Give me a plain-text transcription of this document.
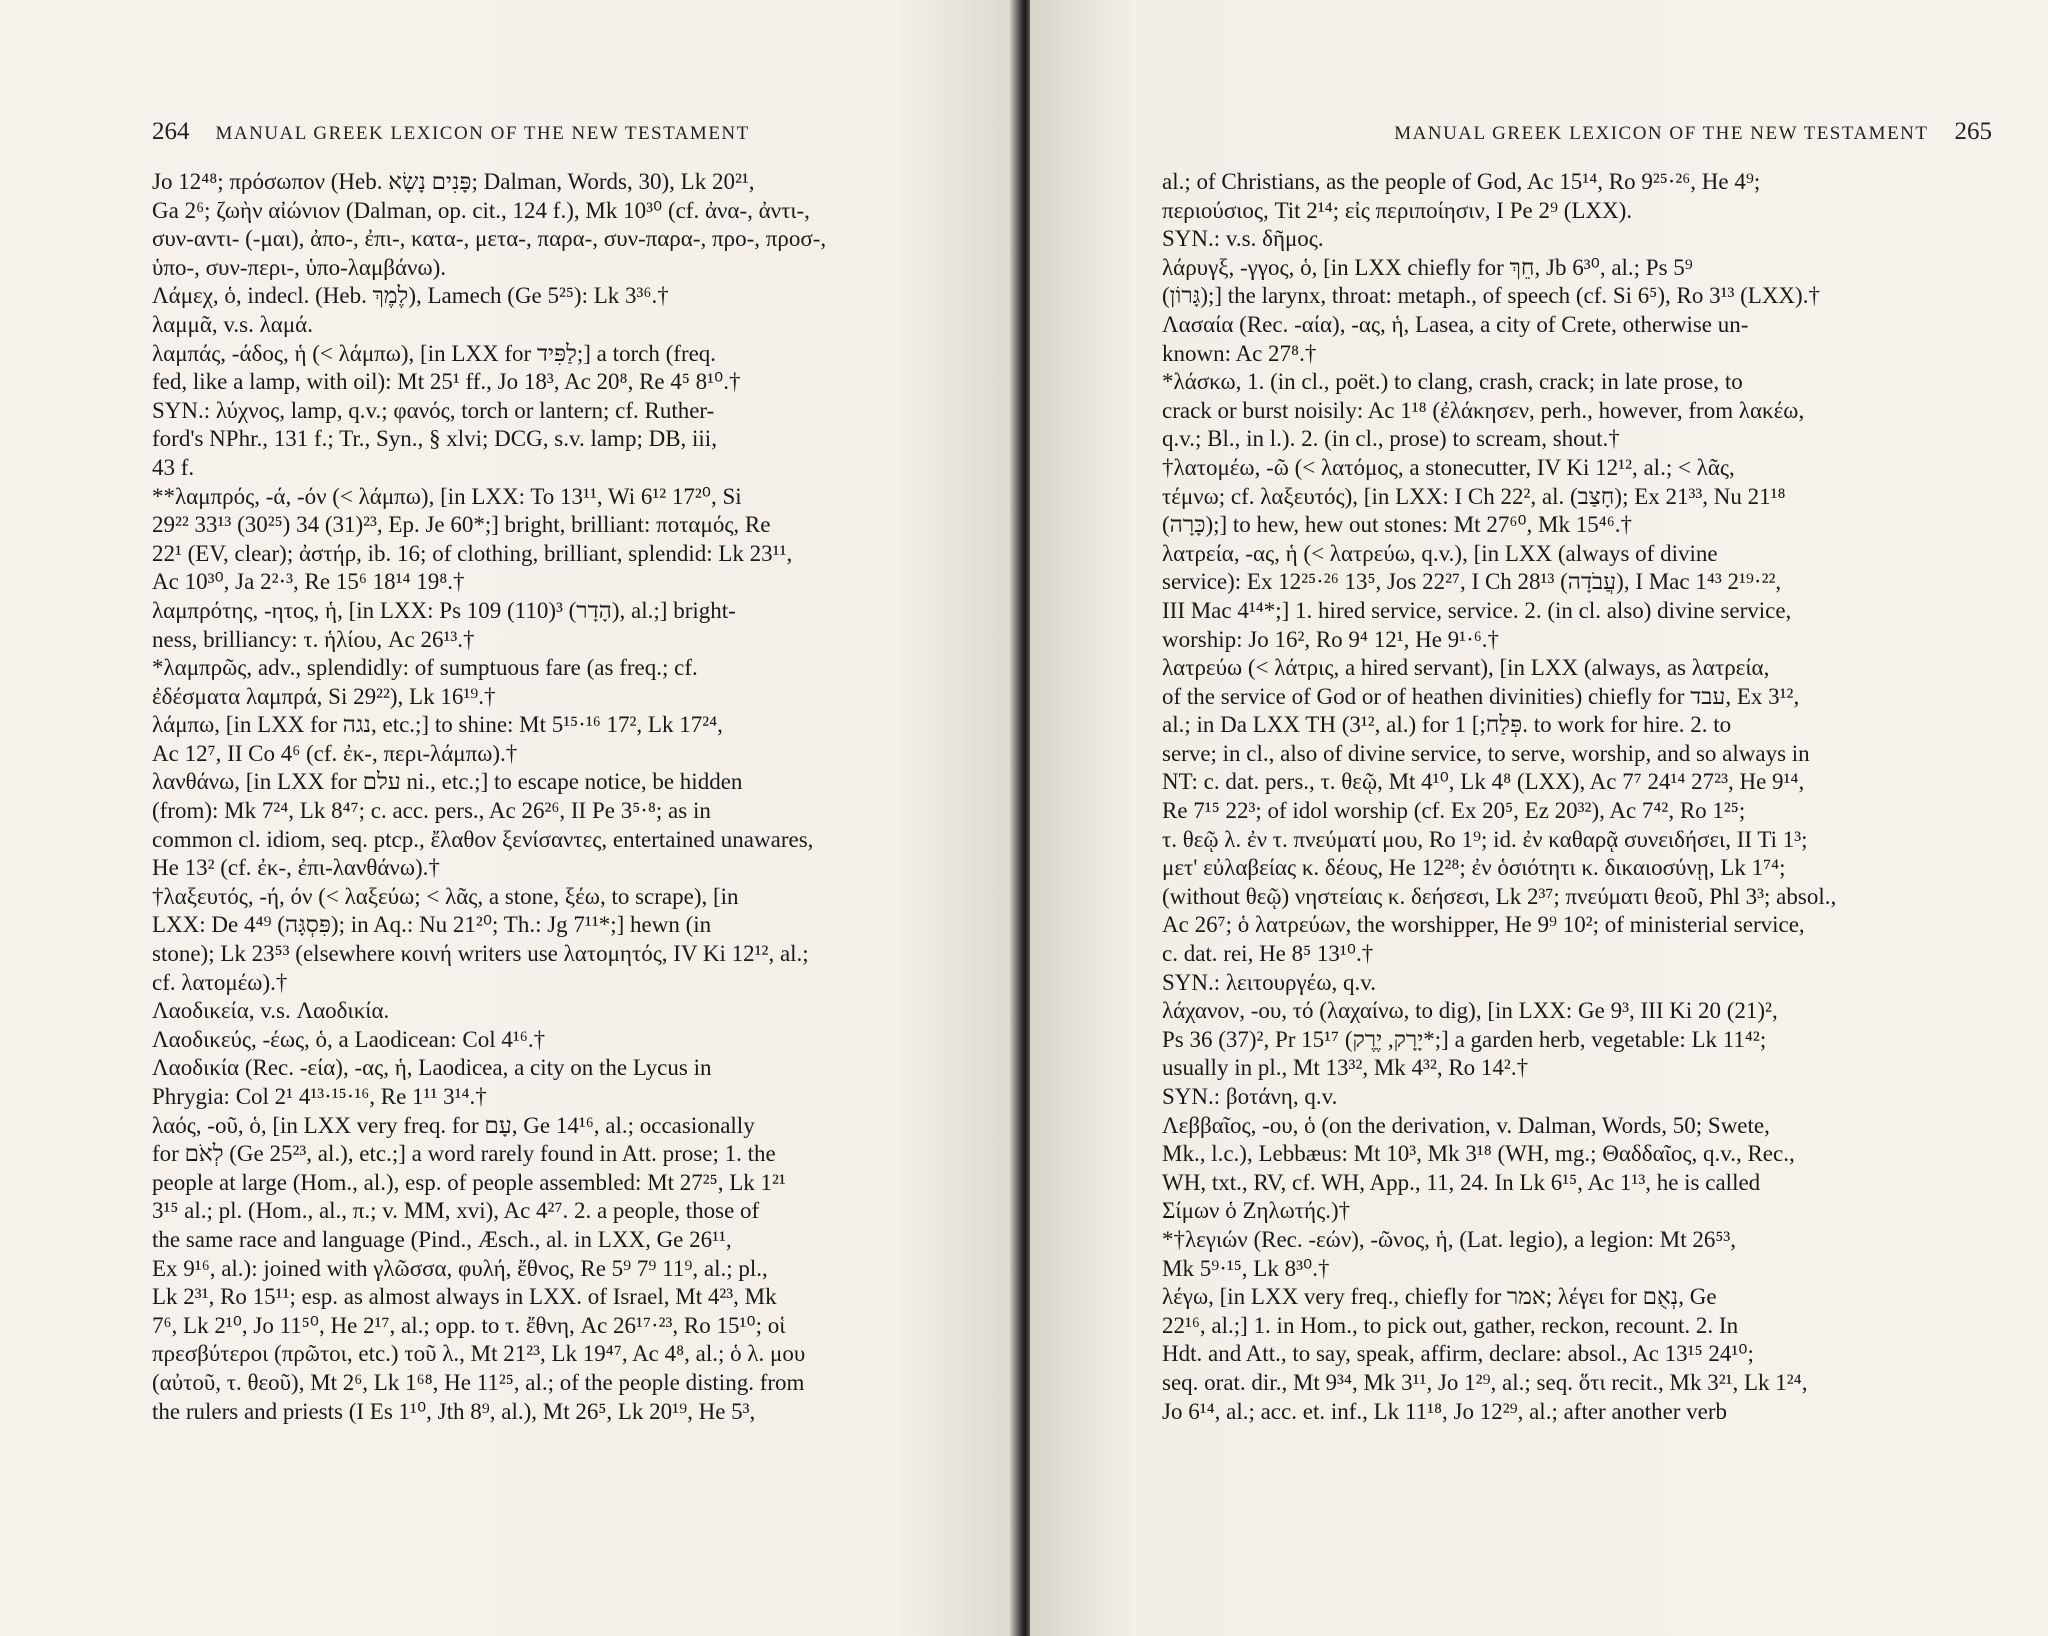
264 MANUAL GREEK LEXICON OF THE NEW TESTAMENT
Jo 12⁴⁸; πρόσωπον (Heb. פָּנִים נָשָׂא; Dalman, Words, 30), Lk 20²¹,
Ga 2⁶; ζωὴν αἰώνιον (Dalman, op. cit., 124 f.), Mk 10³⁰ (cf. ἀνα-, ἀντι-,
συν-αντι- (-μαι), ἀπο-, ἐπι-, κατα-, μετα-, παρα-, συν-παρα-, προ-, προσ-,
ὑπο-, συν-περι-, ὑπο-λαμβάνω).
Λάμεχ, ὁ, indecl. (Heb. לֶמֶךְ), Lamech (Ge 5²⁵): Lk 3³⁶.†
λαμμᾶ, v.s. λαμά.
λαμπάς, -άδος, ἡ (< λάμπω), [in LXX for לַפִּיד;] a torch (freq.
fed, like a lamp, with oil): Mt 25¹ ff., Jo 18³, Ac 20⁸, Re 4⁵ 8¹⁰.†
SYN.: λύχνος, lamp, q.v.; φανός, torch or lantern; cf. Ruther-
ford's NPhr., 131 f.; Tr., Syn., § xlvi; DCG, s.v. lamp; DB, iii,
43 f.
**λαμπρός, -ά, -όν (< λάμπω), [in LXX: To 13¹¹, Wi 6¹² 17²⁰, Si
29²² 33¹³ (30²⁵) 34 (31)²³, Ep. Je 60*;] bright, brilliant: ποταμός, Re
22¹ (EV, clear); ἀστήρ, ib. 16; of clothing, brilliant, splendid: Lk 23¹¹,
Ac 10³⁰, Ja 2²·³, Re 15⁶ 18¹⁴ 19⁸.†
λαμπρότης, -ητος, ἡ, [in LXX: Ps 109 (110)³ (הָדָר), al.;] bright-
ness, brilliancy: τ. ἡλίου, Ac 26¹³.†
*λαμπρῶς, adv., splendidly: of sumptuous fare (as freq.; cf.
ἐδέσματα λαμπρά, Si 29²²), Lk 16¹⁹.†
λάμπω, [in LXX for נגה, etc.;] to shine: Mt 5¹⁵·¹⁶ 17², Lk 17²⁴,
Ac 12⁷, II Co 4⁶ (cf. ἐκ-, περι-λάμπω).†
λανθάνω, [in LXX for עלם ni., etc.;] to escape notice, be hidden
(from): Mk 7²⁴, Lk 8⁴⁷; c. acc. pers., Ac 26²⁶, II Pe 3⁵·⁸; as in
common cl. idiom, seq. ptcp., ἔλαθον ξενίσαντες, entertained unawares,
He 13² (cf. ἐκ-, ἐπι-λανθάνω).†
†λαξευτός, -ή, όν (< λαξεύω; < λᾶς, a stone, ξέω, to scrape), [in
LXX: De 4⁴⁹ (פִּסְגָּה); in Aq.: Nu 21²⁰; Th.: Jg 7¹¹*;] hewn (in
stone); Lk 23⁵³ (elsewhere κοινή writers use λατομητός, IV Ki 12¹², al.;
cf. λατομέω).†
Λαοδικεία, v.s. Λαοδικία.
Λαοδικεύς, -έως, ὁ, a Laodicean: Col 4¹⁶.†
Λαοδικία (Rec. -εία), -ας, ἡ, Laodicea, a city on the Lycus in
Phrygia: Col 2¹ 4¹³·¹⁵·¹⁶, Re 1¹¹ 3¹⁴.†
λαός, -οῦ, ὁ, [in LXX very freq. for עָם, Ge 14¹⁶, al.; occasionally
for לְאֹם (Ge 25²³, al.), etc.;] a word rarely found in Att. prose; 1. the
people at large (Hom., al.), esp. of people assembled: Mt 27²⁵, Lk 1²¹
3¹⁵ al.; pl. (Hom., al., π.; v. MM, xvi), Ac 4²⁷. 2. a people, those of
the same race and language (Pind., Æsch., al. in LXX, Ge 26¹¹,
Ex 9¹⁶, al.): joined with γλῶσσα, φυλή, ἔθνος, Re 5⁹ 7⁹ 11⁹, al.; pl.,
Lk 2³¹, Ro 15¹¹; esp. as almost always in LXX. of Israel, Mt 4²³, Mk
7⁶, Lk 2¹⁰, Jo 11⁵⁰, He 2¹⁷, al.; opp. to τ. ἔθνη, Ac 26¹⁷·²³, Ro 15¹⁰; οἱ
πρεσβύτεροι (πρῶτοι, etc.) τοῦ λ., Mt 21²³, Lk 19⁴⁷, Ac 4⁸, al.; ὁ λ. μου
(αὐτοῦ, τ. θεοῦ), Mt 2⁶, Lk 1⁶⁸, He 11²⁵, al.; of the people disting. from
the rulers and priests (I Es 1¹⁰, Jth 8⁹, al.), Mt 26⁵, Lk 20¹⁹, He 5³,
MANUAL GREEK LEXICON OF THE NEW TESTAMENT 265
al.; of Christians, as the people of God, Ac 15¹⁴, Ro 9²⁵·²⁶, He 4⁹;
περιούσιος, Tit 2¹⁴; εἰς περιποίησιν, I Pe 2⁹ (LXX).
SYN.: v.s. δῆμος.
λάρυγξ, -γγος, ὁ, [in LXX chiefly for חֵךְ, Jb 6³⁰, al.; Ps 5⁹
(גָּרוֹן);] the larynx, throat: metaph., of speech (cf. Si 6⁵), Ro 3¹³ (LXX).†
Λασαία (Rec. -αία), -ας, ἡ, Lasea, a city of Crete, otherwise un-
known: Ac 27⁸.†
*λάσκω, 1. (in cl., poët.) to clang, crash, crack; in late prose, to
crack or burst noisily: Ac 1¹⁸ (ἐλάκησεν, perh., however, from λακέω,
q.v.; Bl., in l.). 2. (in cl., prose) to scream, shout.†
†λατομέω, -ῶ (< λατόμος, a stonecutter, IV Ki 12¹², al.; < λᾶς,
τέμνω; cf. λαξευτός), [in LXX: I Ch 22², al. (חָצַב); Ex 21³³, Nu 21¹⁸
(כָּרָה);] to hew, hew out stones: Mt 27⁶⁰, Mk 15⁴⁶.†
λατρεία, -ας, ἡ (< λατρεύω, q.v.), [in LXX (always of divine
service): Ex 12²⁵·²⁶ 13⁵, Jos 22²⁷, I Ch 28¹³ (עֲבֹדָה), I Mac 1⁴³ 2¹⁹·²²,
III Mac 4¹⁴*;] 1. hired service, service. 2. (in cl. also) divine service,
worship: Jo 16², Ro 9⁴ 12¹, He 9¹·⁶.†
λατρεύω (< λάτρις, a hired servant), [in LXX (always, as λατρεία,
of the service of God or of heathen divinities) chiefly for עבד, Ex 3¹²,
al.; in Da LXX TH (3¹², al.) for פְּלַח;] 1. to work for hire. 2. to
serve; in cl., also of divine service, to serve, worship, and so always in
NT: c. dat. pers., τ. θεῷ, Mt 4¹⁰, Lk 4⁸ (LXX), Ac 7⁷ 24¹⁴ 27²³, He 9¹⁴,
Re 7¹⁵ 22³; of idol worship (cf. Ex 20⁵, Ez 20³²), Ac 7⁴², Ro 1²⁵;
τ. θεῷ λ. ἐν τ. πνεύματί μου, Ro 1⁹; id. ἐν καθαρᾷ συνειδήσει, II Ti 1³;
μετ' εὐλαβείας κ. δέους, He 12²⁸; ἐν ὁσιότητι κ. δικαιοσύνῃ, Lk 1⁷⁴;
(without θεῷ) νηστείαις κ. δεήσεσι, Lk 2³⁷; πνεύματι θεοῦ, Phl 3³; absol.,
Ac 26⁷; ὁ λατρεύων, the worshipper, He 9⁹ 10²; of ministerial service,
c. dat. rei, He 8⁵ 13¹⁰.†
SYN.: λειτουργέω, q.v.
λάχανον, -ου, τό (λαχαίνω, to dig), [in LXX: Ge 9³, III Ki 20 (21)²,
Ps 36 (37)², Pr 15¹⁷ (יָרָק, יֶרֶק*;] a garden herb, vegetable: Lk 11⁴²;
usually in pl., Mt 13³², Mk 4³², Ro 14².†
SYN.: βοτάνη, q.v.
Λεββαῖος, -ου, ὁ (on the derivation, v. Dalman, Words, 50; Swete,
Mk., l.c.), Lebbæus: Mt 10³, Mk 3¹⁸ (WH, mg.; Θαδδαῖος, q.v., Rec.,
WH, txt., RV, cf. WH, App., 11, 24. In Lk 6¹⁵, Ac 1¹³, he is called
Σίμων ὁ Ζηλωτής.)†
*†λεγιών (Rec. -εών), -ῶνος, ἡ, (Lat. legio), a legion: Mt 26⁵³,
Mk 5⁹·¹⁵, Lk 8³⁰.†
λέγω, [in LXX very freq., chiefly for אמר; λέγει for נְאֻם, Ge
22¹⁶, al.;] 1. in Hom., to pick out, gather, reckon, recount. 2. In
Hdt. and Att., to say, speak, affirm, declare: absol., Ac 13¹⁵ 24¹⁰;
seq. orat. dir., Mt 9³⁴, Mk 3¹¹, Jo 1²⁹, al.; seq. ὅτι recit., Mk 3²¹, Lk 1²⁴,
Jo 6¹⁴, al.; acc. et. inf., Lk 11¹⁸, Jo 12²⁹, al.; after another verb
